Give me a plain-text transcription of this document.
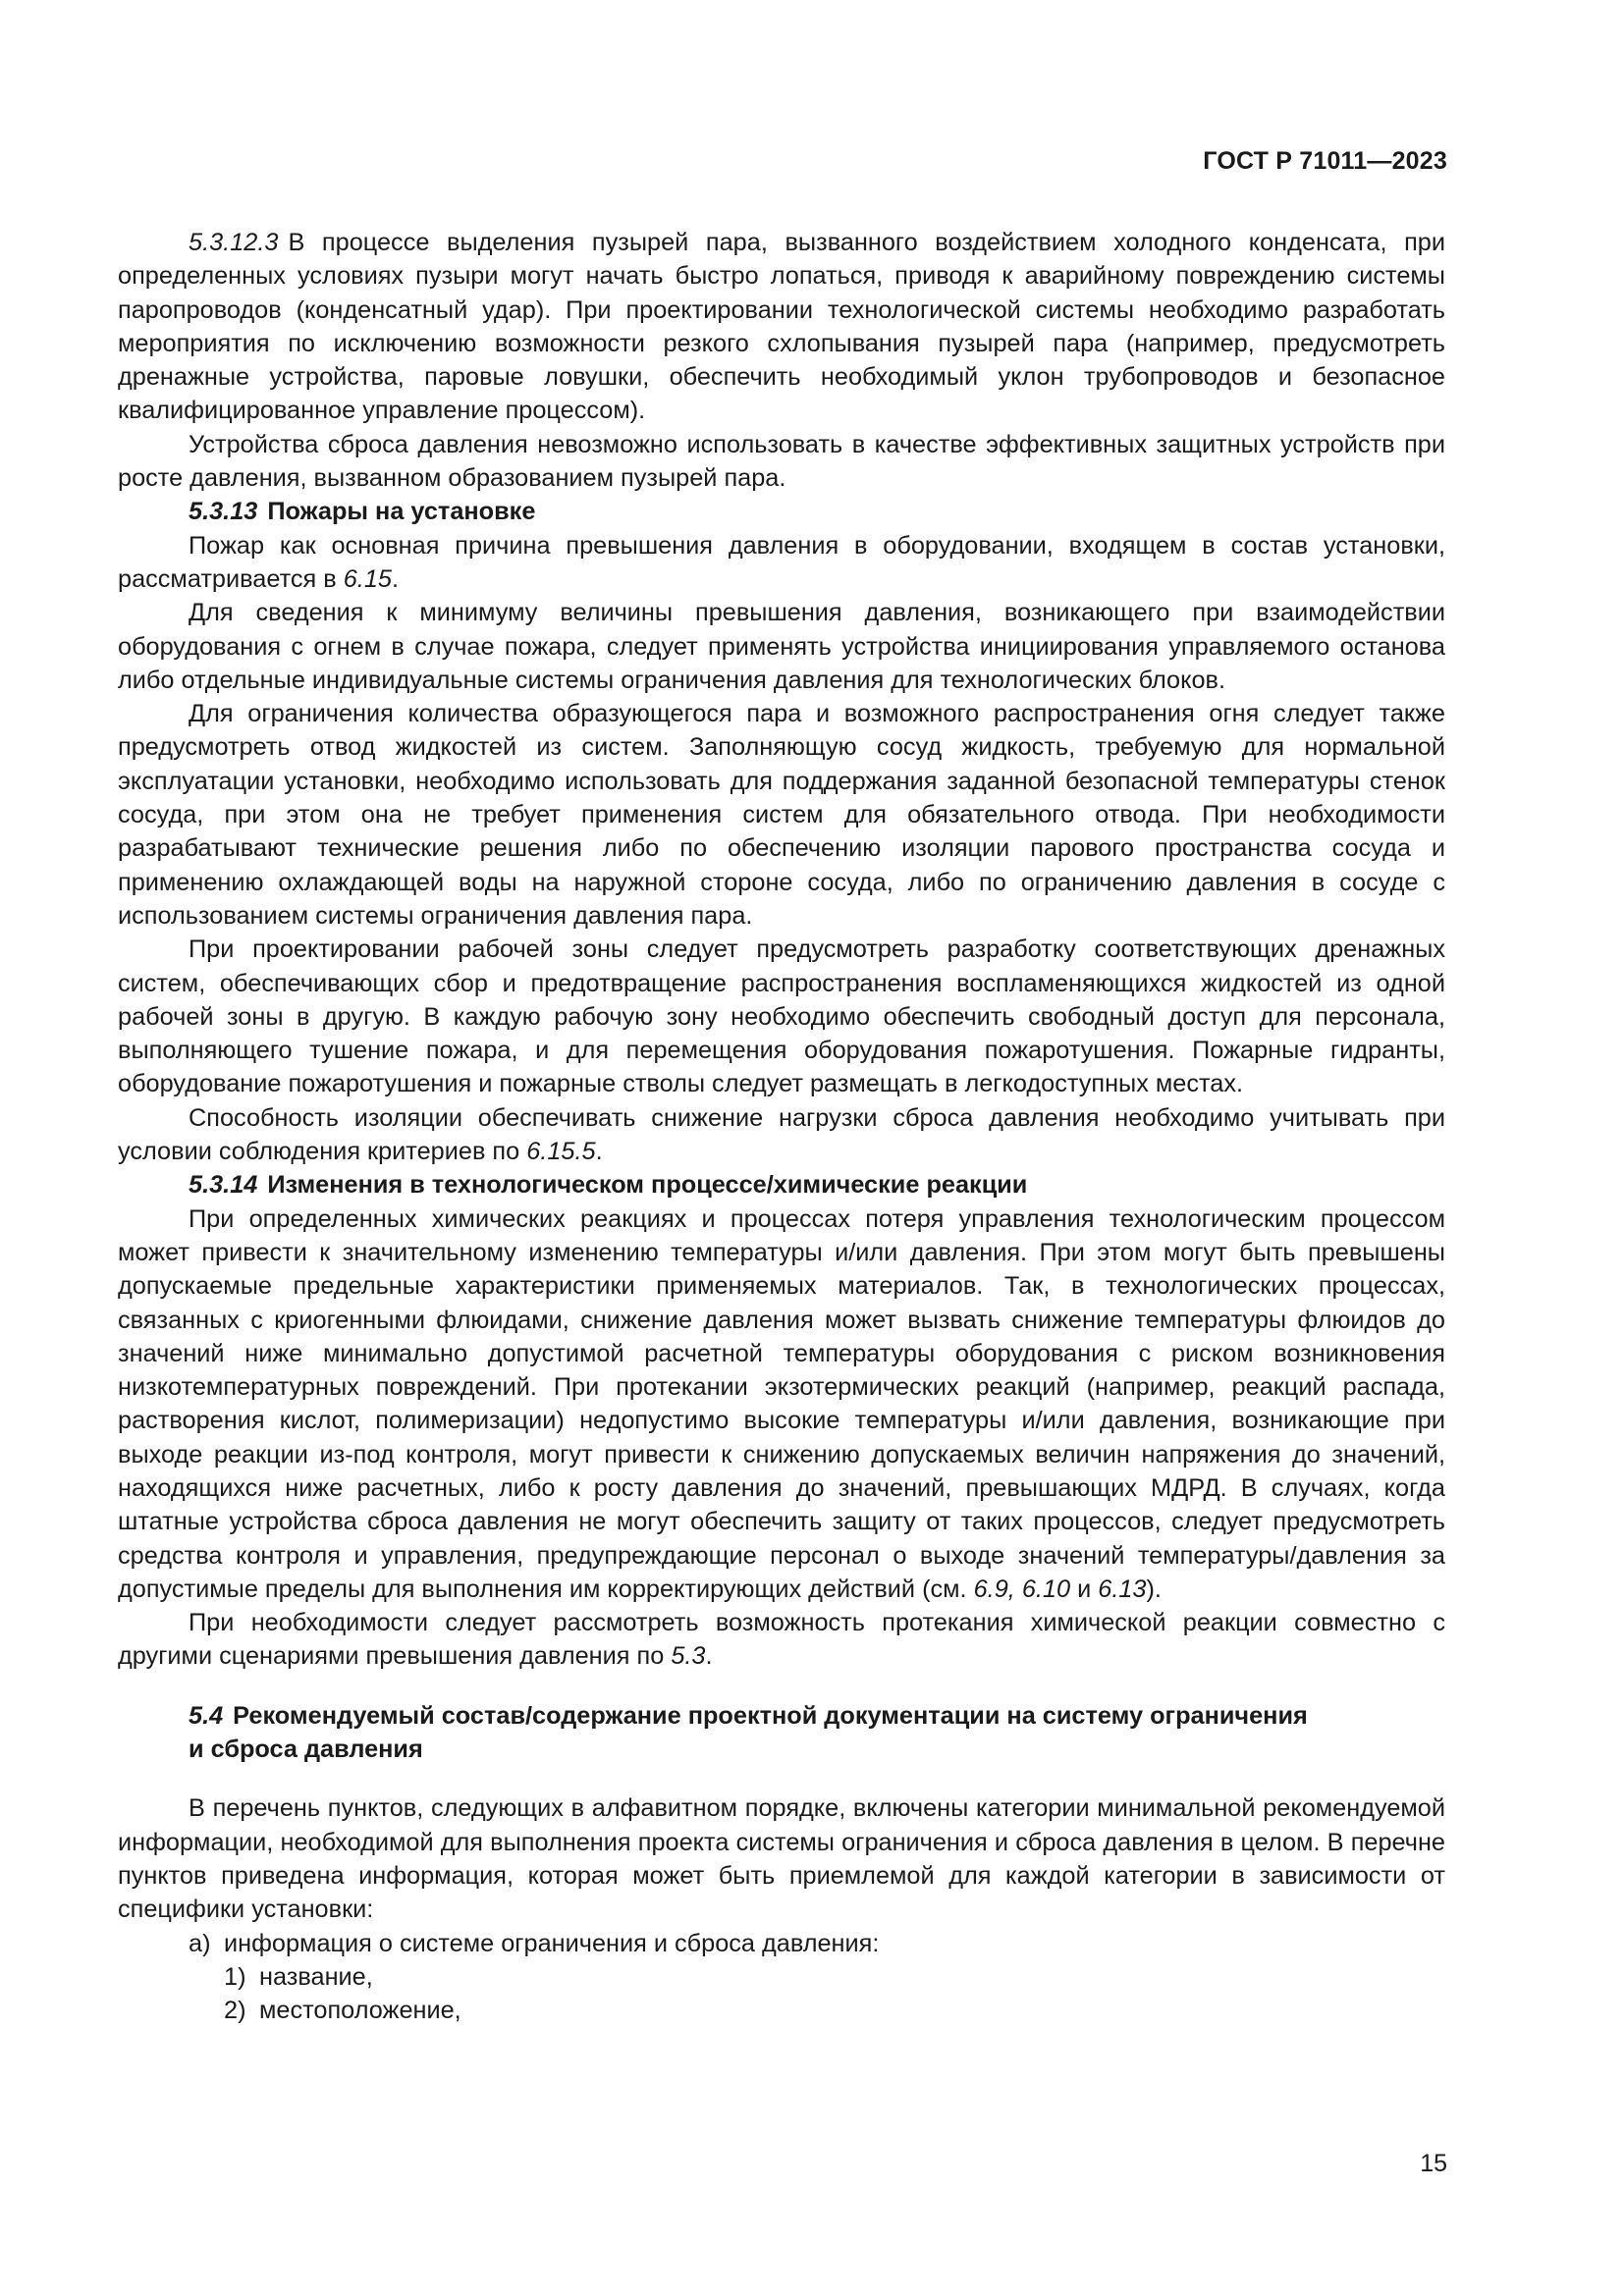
ГОСТ Р 71011—2023

5.3.12.3 В процессе выделения пузырей пара, вызванного воздействием холодного конденсата, при определенных условиях пузыри могут начать быстро лопаться, приводя к аварийному повреждению системы паропроводов (конденсатный удар). При проектировании технологической системы необходимо разработать мероприятия по исключению возможности резкого схлопывания пузырей пара (например, предусмотреть дренажные устройства, паровые ловушки, обеспечить необходимый уклон трубопроводов и безопасное квалифицированное управление процессом).

Устройства сброса давления невозможно использовать в качестве эффективных защитных устройств при росте давления, вызванном образованием пузырей пара.

5.3.13 Пожары на установке

Пожар как основная причина превышения давления в оборудовании, входящем в состав установки, рассматривается в 6.15.

Для сведения к минимуму величины превышения давления, возникающего при взаимодействии оборудования с огнем в случае пожара, следует применять устройства инициирования управляемого останова либо отдельные индивидуальные системы ограничения давления для технологических блоков.

Для ограничения количества образующегося пара и возможного распространения огня следует также предусмотреть отвод жидкостей из систем. Заполняющую сосуд жидкость, требуемую для нормальной эксплуатации установки, необходимо использовать для поддержания заданной безопасной температуры стенок сосуда, при этом она не требует применения систем для обязательного отвода. При необходимости разрабатывают технические решения либо по обеспечению изоляции парового пространства сосуда и применению охлаждающей воды на наружной стороне сосуда, либо по ограничению давления в сосуде с использованием системы ограничения давления пара.

При проектировании рабочей зоны следует предусмотреть разработку соответствующих дренажных систем, обеспечивающих сбор и предотвращение распространения воспламеняющихся жидкостей из одной рабочей зоны в другую. В каждую рабочую зону необходимо обеспечить свободный доступ для персонала, выполняющего тушение пожара, и для перемещения оборудования пожаротушения. Пожарные гидранты, оборудование пожаротушения и пожарные стволы следует размещать в легкодоступных местах.

Способность изоляции обеспечивать снижение нагрузки сброса давления необходимо учитывать при условии соблюдения критериев по 6.15.5.

5.3.14 Изменения в технологическом процессе/химические реакции

При определенных химических реакциях и процессах потеря управления технологическим процессом может привести к значительному изменению температуры и/или давления. При этом могут быть превышены допускаемые предельные характеристики применяемых материалов. Так, в технологических процессах, связанных с криогенными флюидами, снижение давления может вызвать снижение температуры флюидов до значений ниже минимально допустимой расчетной температуры оборудования с риском возникновения низкотемпературных повреждений. При протекании экзотермических реакций (например, реакций распада, растворения кислот, полимеризации) недопустимо высокие температуры и/или давления, возникающие при выходе реакции из-под контроля, могут привести к снижению допускаемых величин напряжения до значений, находящихся ниже расчетных, либо к росту давления до значений, превышающих МДРД. В случаях, когда штатные устройства сброса давления не могут обеспечить защиту от таких процессов, следует предусмотреть средства контроля и управления, предупреждающие персонал о выходе значений температуры/давления за допустимые пределы для выполнения им корректирующих действий (см. 6.9, 6.10 и 6.13).

При необходимости следует рассмотреть возможность протекания химической реакции совместно с другими сценариями превышения давления по 5.3.

5.4 Рекомендуемый состав/содержание проектной документации на систему ограничения
и сброса давления

В перечень пунктов, следующих в алфавитном порядке, включены категории минимальной рекомендуемой информации, необходимой для выполнения проекта системы ограничения и сброса давления в целом. В перечне пунктов приведена информация, которая может быть приемлемой для каждой категории в зависимости от специфики установки:

а) информация о системе ограничения и сброса давления:
1) название,
2) местоположение,
15
